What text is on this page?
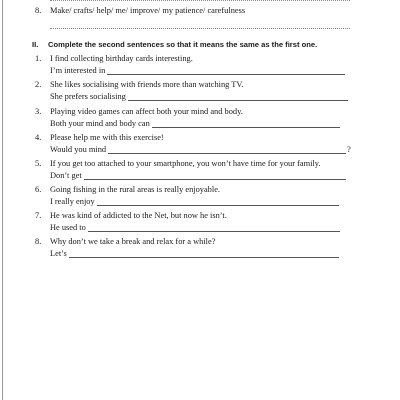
8.	Make/ crafts/ help/ me/ improve/ my patience/ carefulness
II. Complete the second sentences so that it means the same as the first one.
1.	I find collecting birthday cards interesting.
I’m interested in
2.	She likes socialising with friends more than watching TV.
She prefers socialising
3.	Playing video games can affect both your mind and body.
Both your mind and body can
4.	Please help me with this exercise!
Would you mind	?
5.	If you get too attached to your smartphone, you won’t have time for your family.
Don’t get
6.	Going fishing in the rural areas is really enjoyable.
I really enjoy
7.	He was kind of addicted to the Net, but now he isn’t.
He used to
8.	Why don’t we take a break and relax for a while?
Let’s
